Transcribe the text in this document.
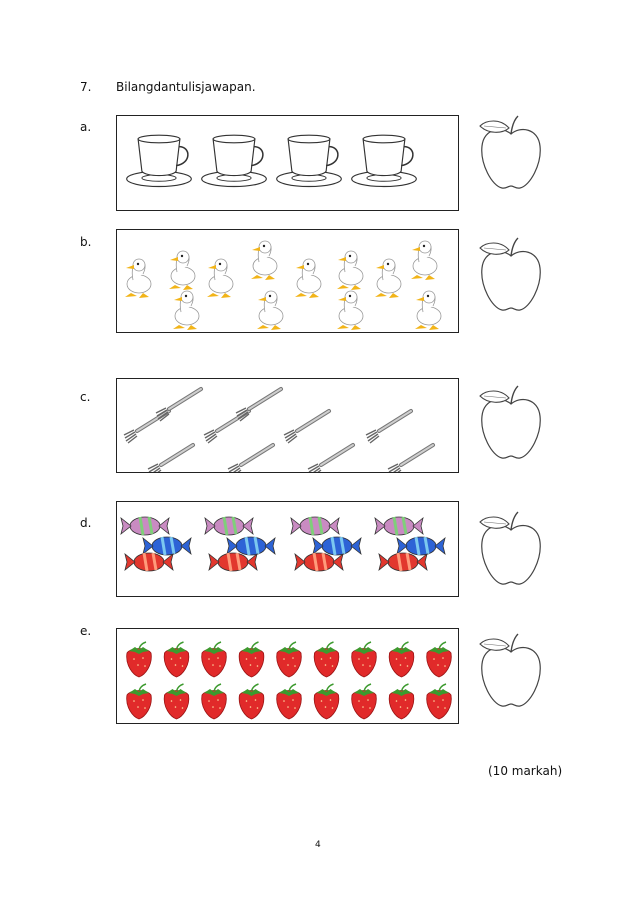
7. Bilangdantulisjawapan.
a.
b.
c.
d.
e.
(10 markah)
4
